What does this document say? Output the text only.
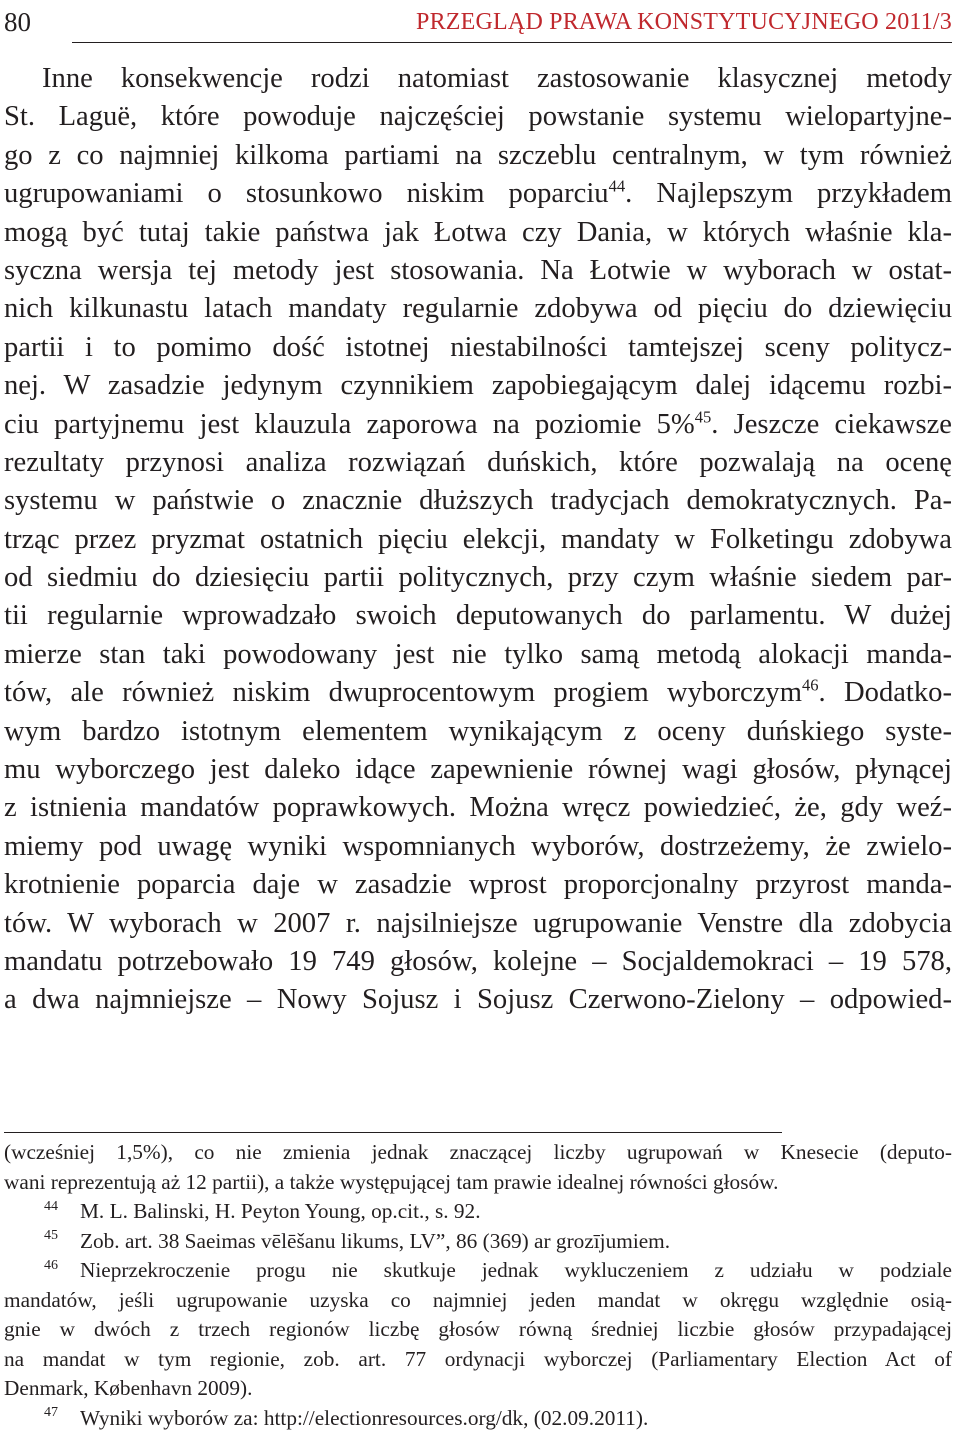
80	PRZEGLĄD PRAWA KONSTYTUCYJNEGO 2011/3
Inne konsekwencje rodzi natomiast zastosowanie klasycznej metody
St. Laguë, które powoduje najczęściej powstanie systemu wielopartyjne-
go z co najmniej kilkoma partiami na szczeblu centralnym, w tym również
ugrupowaniami o stosunkowo niskim poparciu$^{44}$. Najlepszym przykładem
mogą być tutaj takie państwa jak Łotwa czy Dania, w których właśnie kla-
syczna wersja tej metody jest stosowania. Na Łotwie w wyborach w ostat-
nich kilkunastu latach mandaty regularnie zdobywa od pięciu do dziewięciu
partii i to pomimo dość istotnej niestabilności tamtejszej sceny politycz-
nej. W zasadzie jedynym czynnikiem zapobiegającym dalej idącemu rozbi-
ciu partyjnemu jest klauzula zaporowa na poziomie 5%$^{45}$. Jeszcze ciekawsze
rezultaty przynosi analiza rozwiązań duńskich, które pozwalają na ocenę
systemu w państwie o znacznie dłuższych tradycjach demokratycznych. Pa-
trząc przez pryzmat ostatnich pięciu elekcji, mandaty w Folketingu zdobywa
od siedmiu do dziesięciu partii politycznych, przy czym właśnie siedem par-
tii regularnie wprowadzało swoich deputowanych do parlamentu. W dużej
mierze stan taki powodowany jest nie tylko samą metodą alokacji manda-
tów, ale również niskim dwuprocentowym progiem wyborczym$^{46}$. Dodatko-
wym bardzo istotnym elementem wynikającym z oceny duńskiego syste-
mu wyborczego jest daleko idące zapewnienie równej wagi głosów, płynącej
z istnienia mandatów poprawkowych. Można wręcz powiedzieć, że, gdy weź-
miemy pod uwagę wyniki wspomnianych wyborów, dostrzeżemy, że zwielo-
krotnienie poparcia daje w zasadzie wprost proporcjonalny przyrost manda-
tów. W wyborach w 2007 r. najsilniejsze ugrupowanie Venstre dla zdobycia
mandatu potrzebowało 19 749 głosów, kolejne – Socjaldemokraci – 19 578,
a dwa najmniejsze – Nowy Sojusz i Sojusz Czerwono-Zielony – odpowied-
(wcześniej 1,5%), co nie zmienia jednak znaczącej liczby ugrupowań w Knesecie (deputo-
wani reprezentują aż 12 partii), a także występującej tam prawie idealnej równości głosów.
44 M. L. Balinski, H. Peyton Young, op.cit., s. 92.
45 Zob. art. 38 Saeimas vēlēšanu likums, LV”, 86 (369) ar grozījumiem.
46 Nieprzekroczenie progu nie skutkuje jednak wykluczeniem z udziału w podziale
mandatów, jeśli ugrupowanie uzyska co najmniej jeden mandat w okręgu względnie osią-
gnie w dwóch z trzech regionów liczbę głosów równą średniej liczbie głosów przypadającej
na mandat w tym regionie, zob. art. 77 ordynacji wyborczej (Parliamentary Election Act of
Denmark, København 2009).
47 Wyniki wyborów za: http://electionresources.org/dk, (02.09.2011).
